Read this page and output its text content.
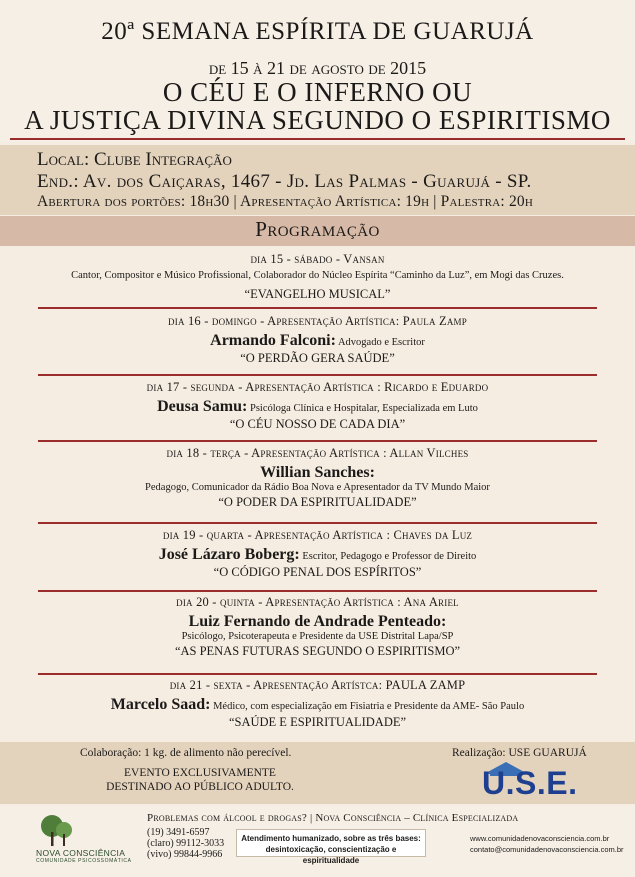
20ª SEMANA ESPÍRITA DE GUARUJÁ
de 15 à 21 de agosto de 2015
O CÉU E O INFERNO OU
A JUSTIÇA DIVINA SEGUNDO O ESPIRITISMO
Local: Clube Integração
End.: Av. dos Caiçaras, 1467 - Jd. Las Palmas - Guarujá - SP.
Abertura dos portões: 18h30 | Apresentação Artística: 19h | Palestra: 20h
Programação
dia 15 - sábado - Vansan
Cantor, Compositor e Músico Profissional, Colaborador do Núcleo Espírita “Caminho da Luz”, em Mogi das Cruzes.
“EVANGELHO MUSICAL”
dia 16 - domingo - Apresentação Artística: Paula Zamp
Armando Falconi: Advogado e Escritor
“O PERDÃO GERA SAÚDE”
dia 17 - segunda - Apresentação Artística : Ricardo e Eduardo
Deusa Samu: Psicóloga Clínica e Hospitalar, Especializada em Luto
“O CÉU NOSSO DE CADA DIA”
dia 18 - terça - Apresentação Artística : Allan Vilches
Willian Sanches:
Pedagogo, Comunicador da Rádio Boa Nova e Apresentador da TV Mundo Maior
“O PODER DA ESPIRITUALIDADE”
dia 19 - quarta - Apresentação Artística : Chaves da Luz
José Lázaro Boberg: Escritor, Pedagogo e Professor de Direito
“O CÓDIGO PENAL DOS ESPÍRITOS”
dia 20 - quinta - Apresentação Artística : Ana Ariel
Luiz Fernando de Andrade Penteado:
Psicólogo, Psicoterapeuta e Presidente da USE Distrital Lapa/SP
“AS PENAS FUTURAS SEGUNDO O ESPIRITISMO”
dia 21 - sexta - Apresentação Artístca: PAULA ZAMP
Marcelo Saad: Médico, com especialização em Fisiatria e Presidente da AME- São Paulo
“SAÚDE E ESPIRITUALIDADE”
Colaboração: 1 kg. de alimento não perecível.
EVENTO EXCLUSIVAMENTE DESTINADO AO PÚBLICO ADULTO.
Realização: USE GUARUJÁ
U.S.E.
NOVA CONSCIÊNCIA
COMUNIDADE PSICOSSOMÁTICA
Problemas com álcool e drogas? | Nova Consciência – Clínica Especializada
(19) 3491-6597
(claro) 99112-3033
(vivo) 99844-9966
Atendimento humanizado, sobre as três bases:
desintoxicação, conscientização e espiritualidade
www.comunidadenovaconsciencia.com.br
contato@comunidadenovaconsciencia.com.br
